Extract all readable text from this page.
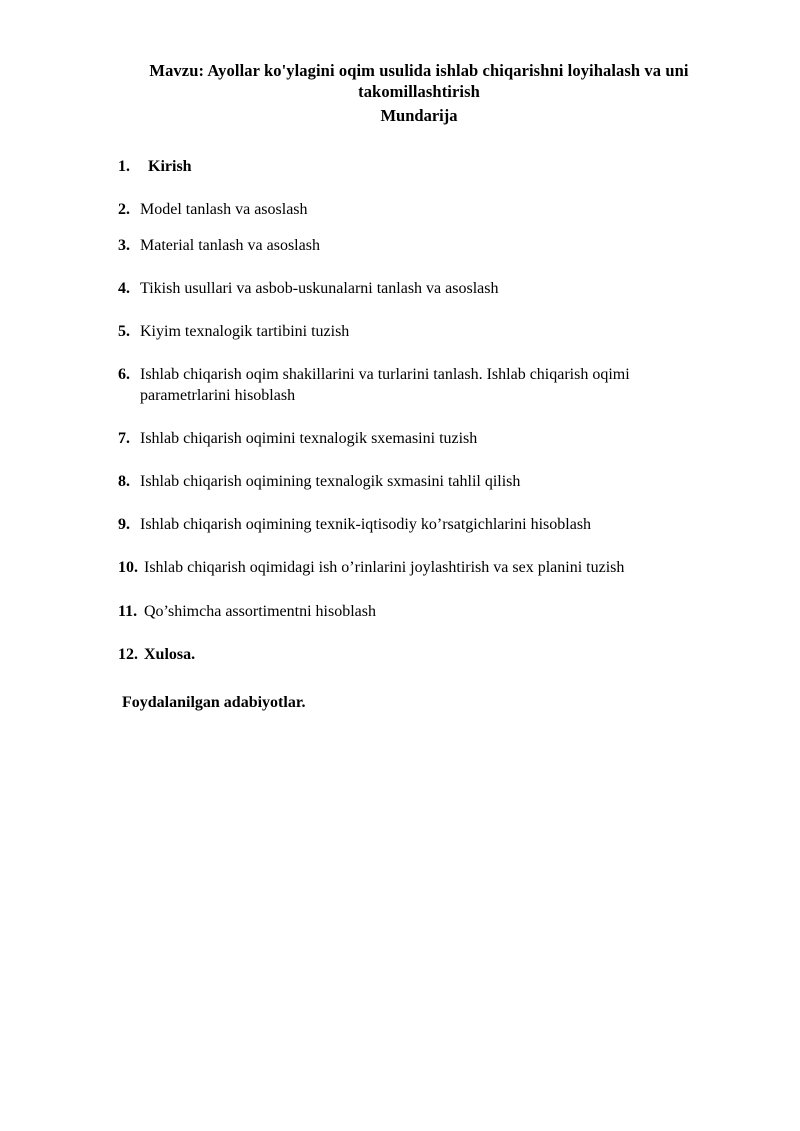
Mavzu: Ayollar ko'ylagini oqim usulida ishlab chiqarishni loyihalash va uni
takomillashtirish
Mundarija
1.	Kirish
2. Model tanlash va asoslash
3. Material tanlash va asoslash
4. Tikish usullari va asbob-uskunalarni tanlash va asoslash
5. Kiyim texnalogik tartibini tuzish
6. Ishlab chiqarish oqim shakillarini va turlarini tanlash. Ishlab chiqarish oqimi parametrlarini hisoblash
7. Ishlab chiqarish oqimini texnalogik sxemasini tuzish
8. Ishlab chiqarish oqimining texnalogik sxmasini tahlil qilish
9. Ishlab chiqarish oqimining texnik-iqtisodiy ko’rsatgichlarini hisoblash
10. Ishlab chiqarish oqimidagi ish o’rinlarini joylashtirish va sex planini tuzish
11. Qo’shimcha assortimentni hisoblash
12. Xulosa.
Foydalanilgan adabiyotlar.
